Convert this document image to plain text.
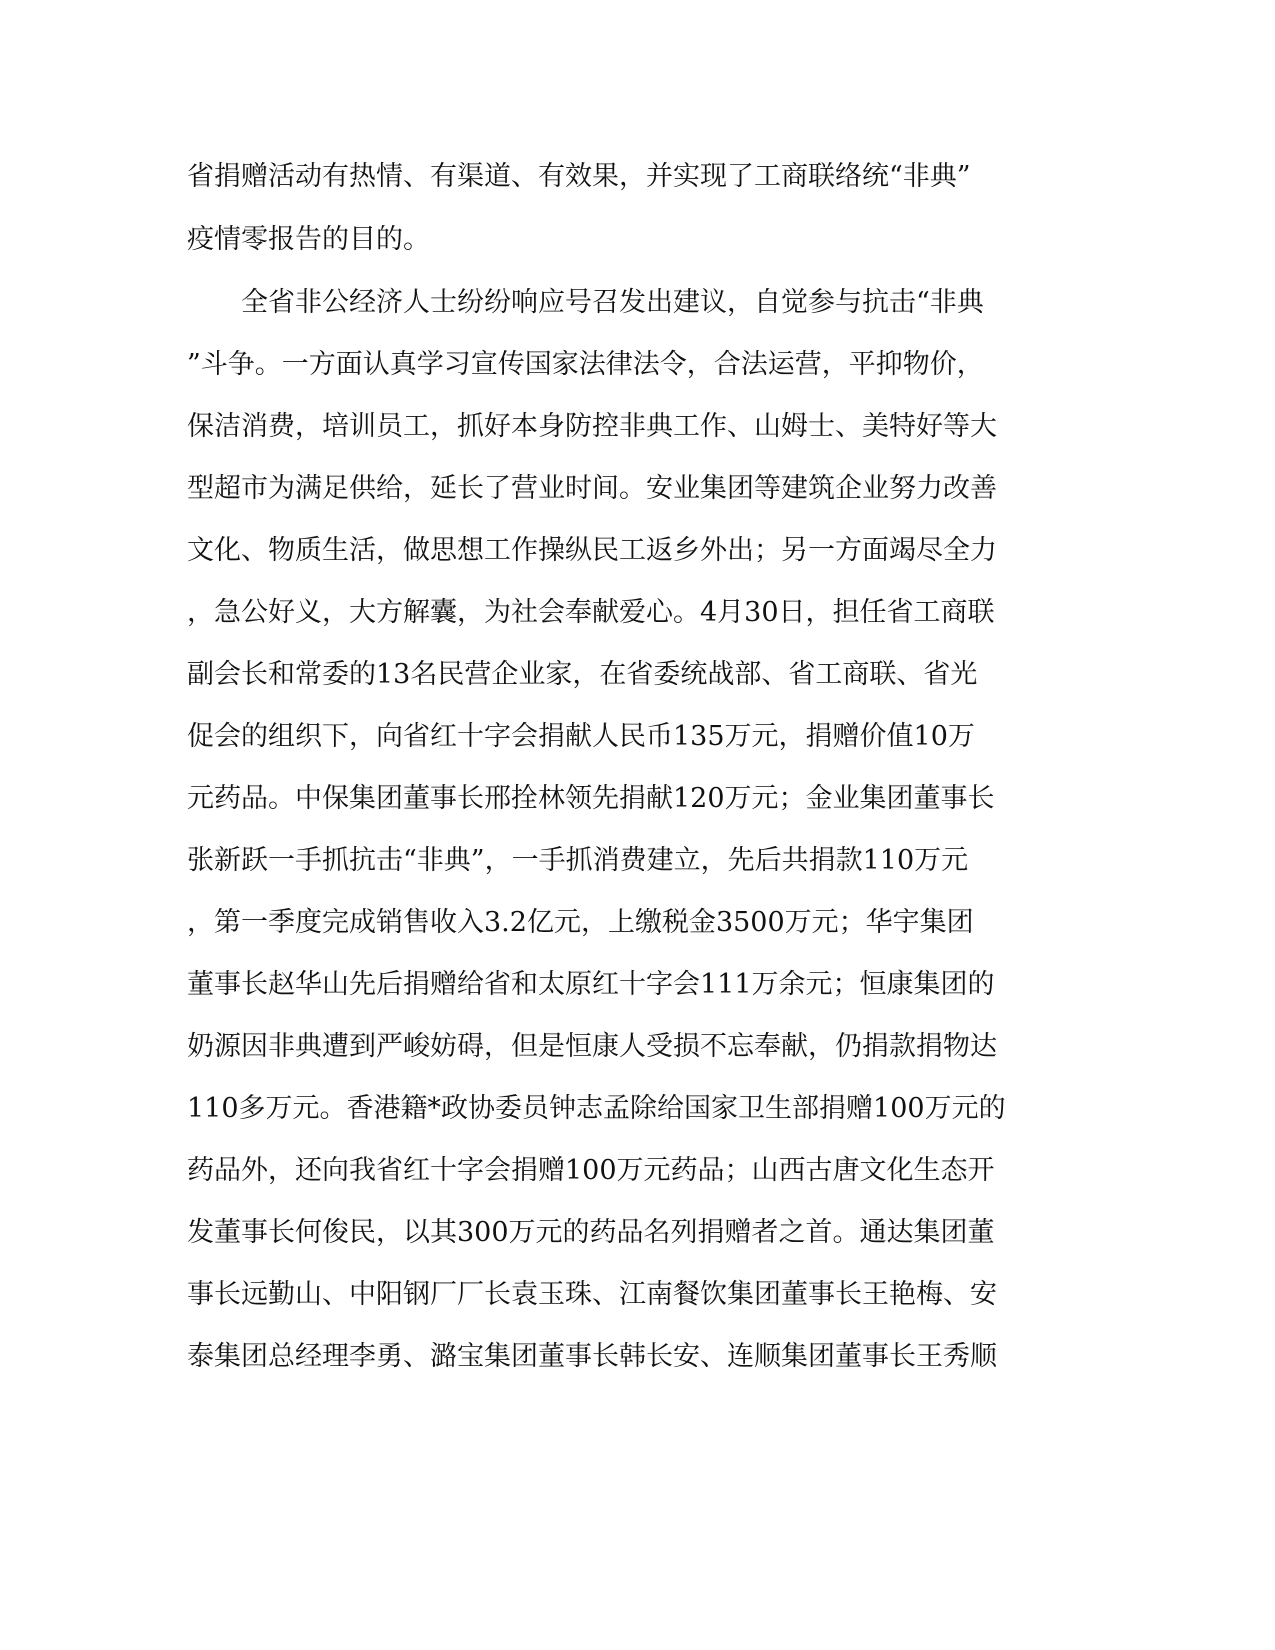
省捐赠活动有热情、有渠道、有效果，并实现了工商联络统“非典”
疫情零报告的目的。
　　全省非公经济人士纷纷响应号召发出建议，自觉参与抗击“非典
”斗争。一方面认真学习宣传国家法律法令，合法运营，平抑物价，
保洁消费，培训员工，抓好本身防控非典工作、山姆士、美特好等大
型超市为满足供给，延长了营业时间。安业集团等建筑企业努力改善
文化、物质生活，做思想工作操纵民工返乡外出；另一方面竭尽全力
，急公好义，大方解囊，为社会奉献爱心。4月30日，担任省工商联
副会长和常委的13名民营企业家，在省委统战部、省工商联、省光
促会的组织下，向省红十字会捐献人民币135万元，捐赠价值10万
元药品。中保集团董事长邢拴林领先捐献120万元；金业集团董事长
张新跃一手抓抗击“非典”，一手抓消费建立，先后共捐款110万元
，第一季度完成销售收入3.2亿元，上缴税金3500万元；华宇集团
董事长赵华山先后捐赠给省和太原红十字会111万余元；恒康集团的
奶源因非典遭到严峻妨碍，但是恒康人受损不忘奉献，仍捐款捐物达
110多万元。香港籍*政协委员钟志孟除给国家卫生部捐赠100万元的
药品外，还向我省红十字会捐赠100万元药品；山西古唐文化生态开
发董事长何俊民，以其300万元的药品名列捐赠者之首。通达集团董
事长远勤山、中阳钢厂厂长袁玉珠、江南餐饮集团董事长王艳梅、安
泰集团总经理李勇、潞宝集团董事长韩长安、连顺集团董事长王秀顺
